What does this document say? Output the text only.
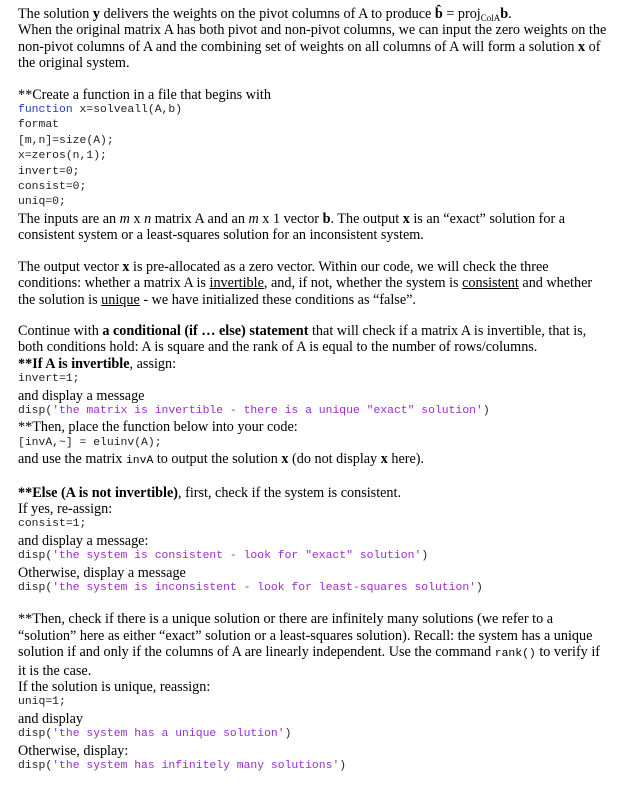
The solution y delivers the weights on the pivot columns of A to produce b̂ = proj$_{ColA}$b.
When the original matrix A has both pivot and non-pivot columns, we can input the zero weights on the non-pivot columns of A and the combining set of weights on all columns of A will form a solution x of the original system.

**Create a function in a file that begins with

function x=solveall(A,b)
format
[m,n]=size(A);
x=zeros(n,1);
invert=0;
consist=0;
uniq=0;

The inputs are an m x n matrix A and an m x 1 vector b. The output x is an “exact” solution for a consistent system or a least-squares solution for an inconsistent system.

The output vector x is pre-allocated as a zero vector. Within our code, we will check the three conditions: whether a matrix A is invertible, and, if not, whether the system is consistent and whether the solution is unique - we have initialized these conditions as “false”.

Continue with a conditional (if … else) statement that will check if a matrix A is invertible, that is, both conditions hold: A is square and the rank of A is equal to the number of rows/columns.

**If A is invertible, assign:

invert=1;

and display a message

disp('the matrix is invertible - there is a unique "exact" solution')

**Then, place the function below into your code:

[invA,~] = eluinv(A);

and use the matrix invA to output the solution x (do not display x here).

**Else (A is not invertible), first, check if the system is consistent.

If yes, re-assign:

consist=1;

and display a message:

disp('the system is consistent - look for "exact" solution')

Otherwise, display a message

disp('the system is inconsistent - look for least-squares solution')

**Then, check if there is a unique solution or there are infinitely many solutions (we refer to a “solution” here as either “exact” solution or a least-squares solution). Recall: the system has a unique solution if and only if the columns of A are linearly independent. Use the command rank() to verify if it is the case.

If the solution is unique, reassign:

uniq=1;

and display

disp('the system has a unique solution')

Otherwise, display:

disp('the system has infinitely many solutions')
